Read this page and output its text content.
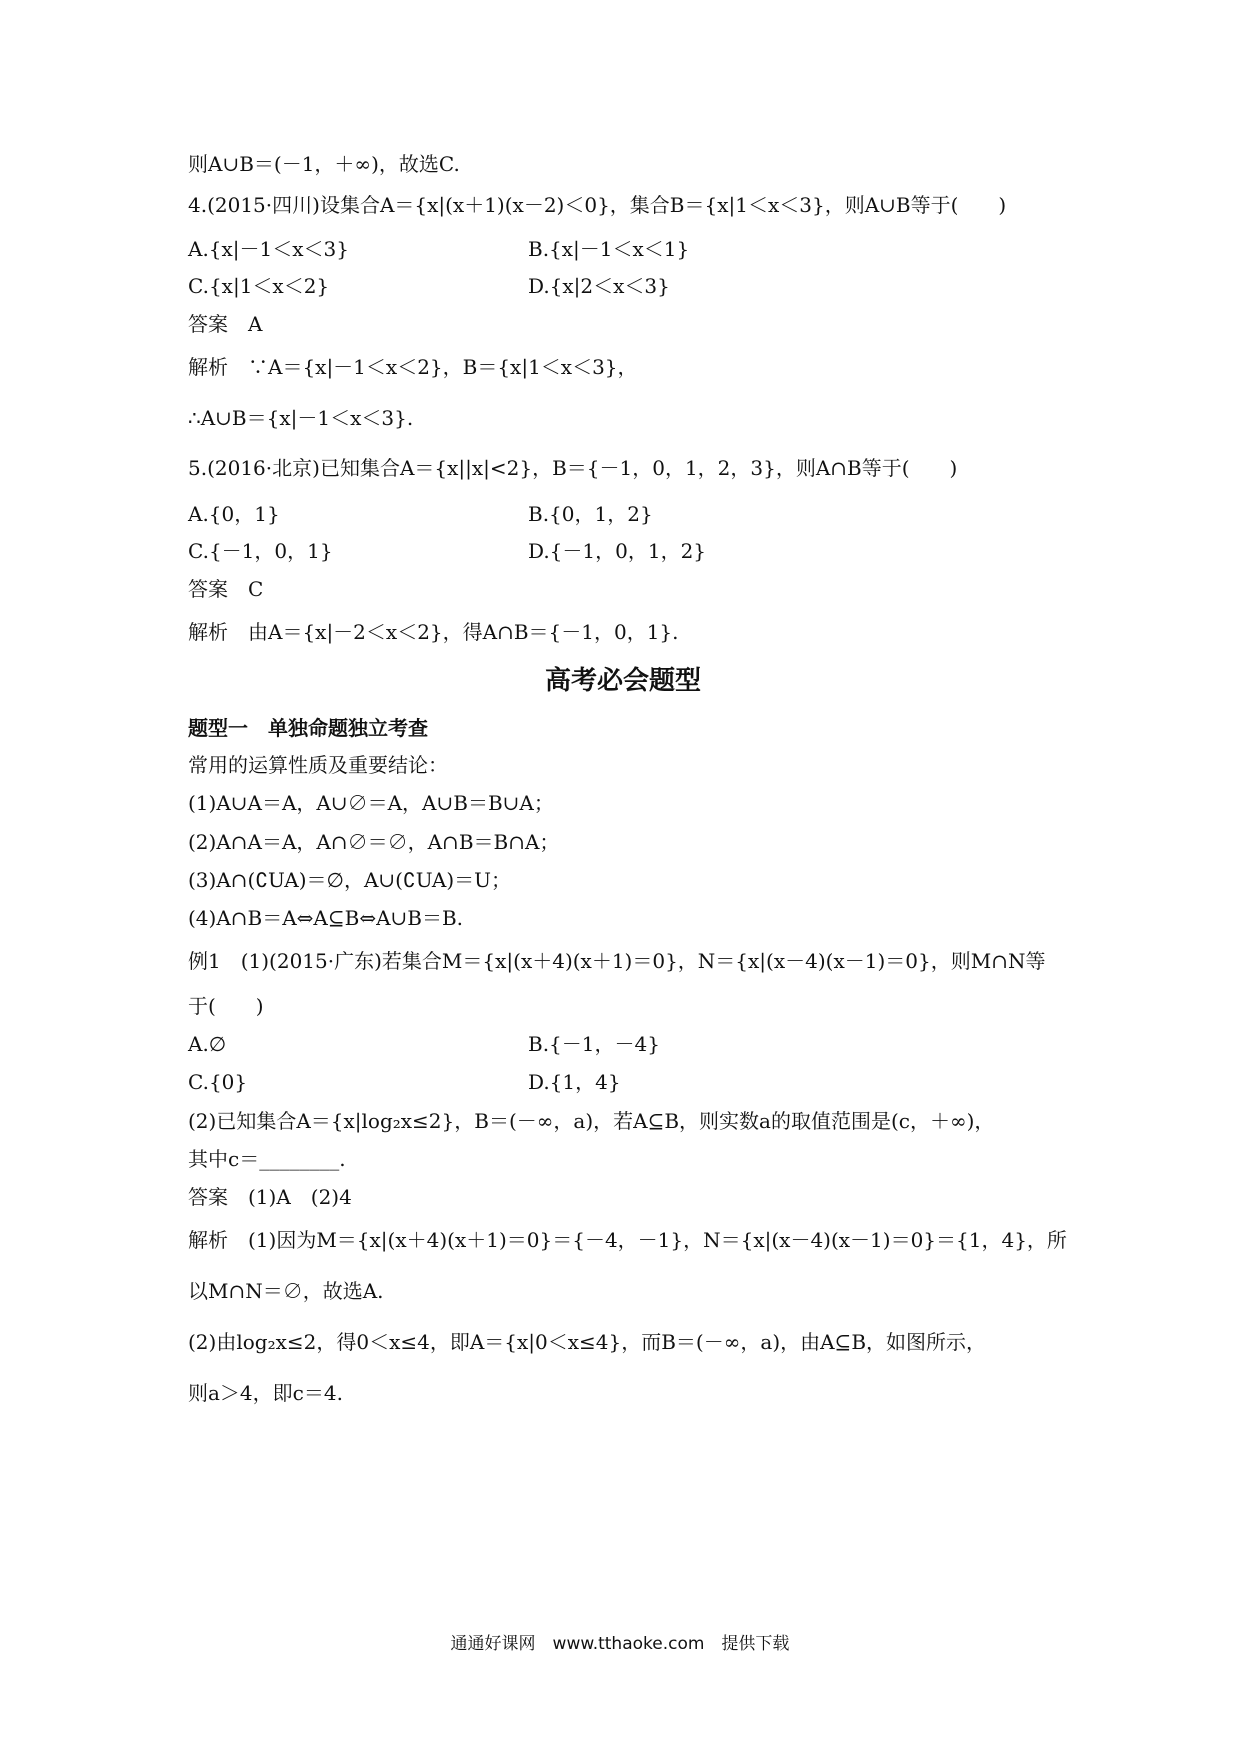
则A∪B＝(－1，＋∞)，故选C.
4.(2015·四川)设集合A＝{x|(x＋1)(x－2)＜0}，集合B＝{x|1＜x＜3}，则A∪B等于(　　)
A.{x|－1＜x＜3}	B.{x|－1＜x＜1}
C.{x|1＜x＜2}	D.{x|2＜x＜3}
答案　A
解析　∵A＝{x|－1＜x＜2}，B＝{x|1＜x＜3}，
∴A∪B＝{x|－1＜x＜3}.
5.(2016·北京)已知集合A＝{x||x|<2}，B＝{－1，0，1，2，3}，则A∩B等于(　　)
A.{0，1}	B.{0，1，2}
C.{－1，0，1}	D.{－1，0，1，2}
答案　C
解析　由A＝{x|－2＜x＜2}，得A∩B＝{－1，0，1}.
高考必会题型
题型一　单独命题独立考查
常用的运算性质及重要结论：
(1)A∪A＝A，A∪∅＝A，A∪B＝B∪A；
(2)A∩A＝A，A∩∅＝∅，A∩B＝B∩A；
(3)A∩(∁UA)＝∅，A∪(∁UA)＝U；
(4)A∩B＝A⇔A⊆B⇔A∪B＝B.
例1　(1)(2015·广东)若集合M＝{x|(x＋4)(x＋1)＝0}，N＝{x|(x－4)(x－1)＝0}，则M∩N等
于(　　)
A.∅	B.{－1，－4}
C.{0}	D.{1，4}
(2)已知集合A＝{x|log₂x≤2}，B＝(－∞，a)，若A⊆B，则实数a的取值范围是(c，＋∞)，
其中c＝________.
答案　(1)A　(2)4
解析　(1)因为M＝{x|(x＋4)(x＋1)＝0}＝{－4，－1}，N＝{x|(x－4)(x－1)＝0}＝{1，4}，所
以M∩N＝∅，故选A.
(2)由log₂x≤2，得0＜x≤4，即A＝{x|0＜x≤4}，而B＝(－∞，a)，由A⊆B，如图所示，
则a＞4，即c＝4.
通通好课网　www.tthaoke.com　提供下载
